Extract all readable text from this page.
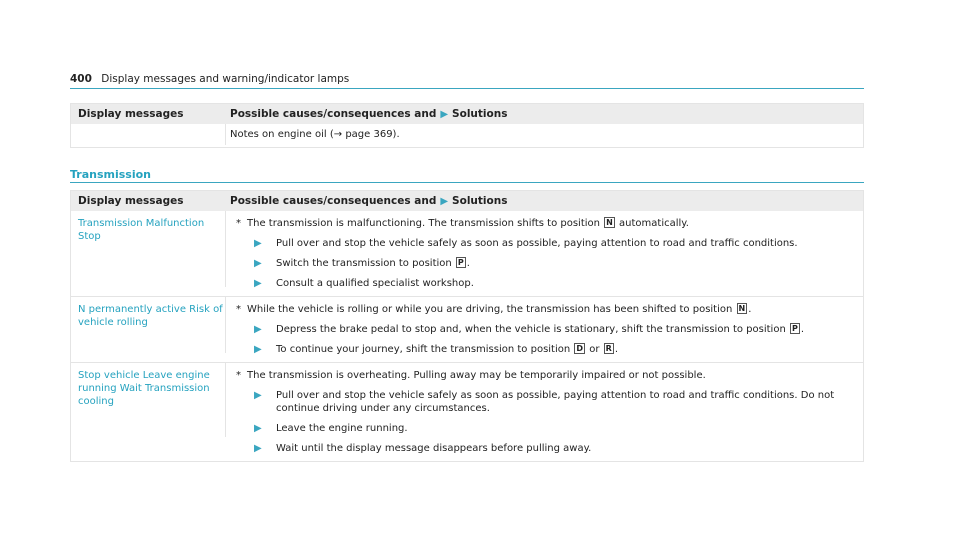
400 Display messages and warning/indicator lamps
Display messages	Possible causes/consequences and ▶ Solutions
Notes on engine oil (→ page 369).
Transmission
Display messages	Possible causes/consequences and ▶ Solutions
Transmission Malfunction Stop
* The transmission is malfunctioning. The transmission shifts to position N automatically.
▶	Pull over and stop the vehicle safely as soon as possible, paying attention to road and traffic conditions.
▶	Switch the transmission to position P .
▶	Consult a qualified specialist workshop.
N permanently active Risk of vehicle rolling
* While the vehicle is rolling or while you are driving, the transmission has been shifted to position N .
▶	Depress the brake pedal to stop and, when the vehicle is stationary, shift the transmission to position P .
▶	To continue your journey, shift the transmission to position D or R .
Stop vehicle Leave engine running Wait Transmission cooling
* The transmission is overheating. Pulling away may be temporarily impaired or not possible.
▶	Pull over and stop the vehicle safely as soon as possible, paying attention to road and traffic conditions. Do not continue driving under any circumstances.
▶	Leave the engine running.
▶	Wait until the display message disappears before pulling away.
